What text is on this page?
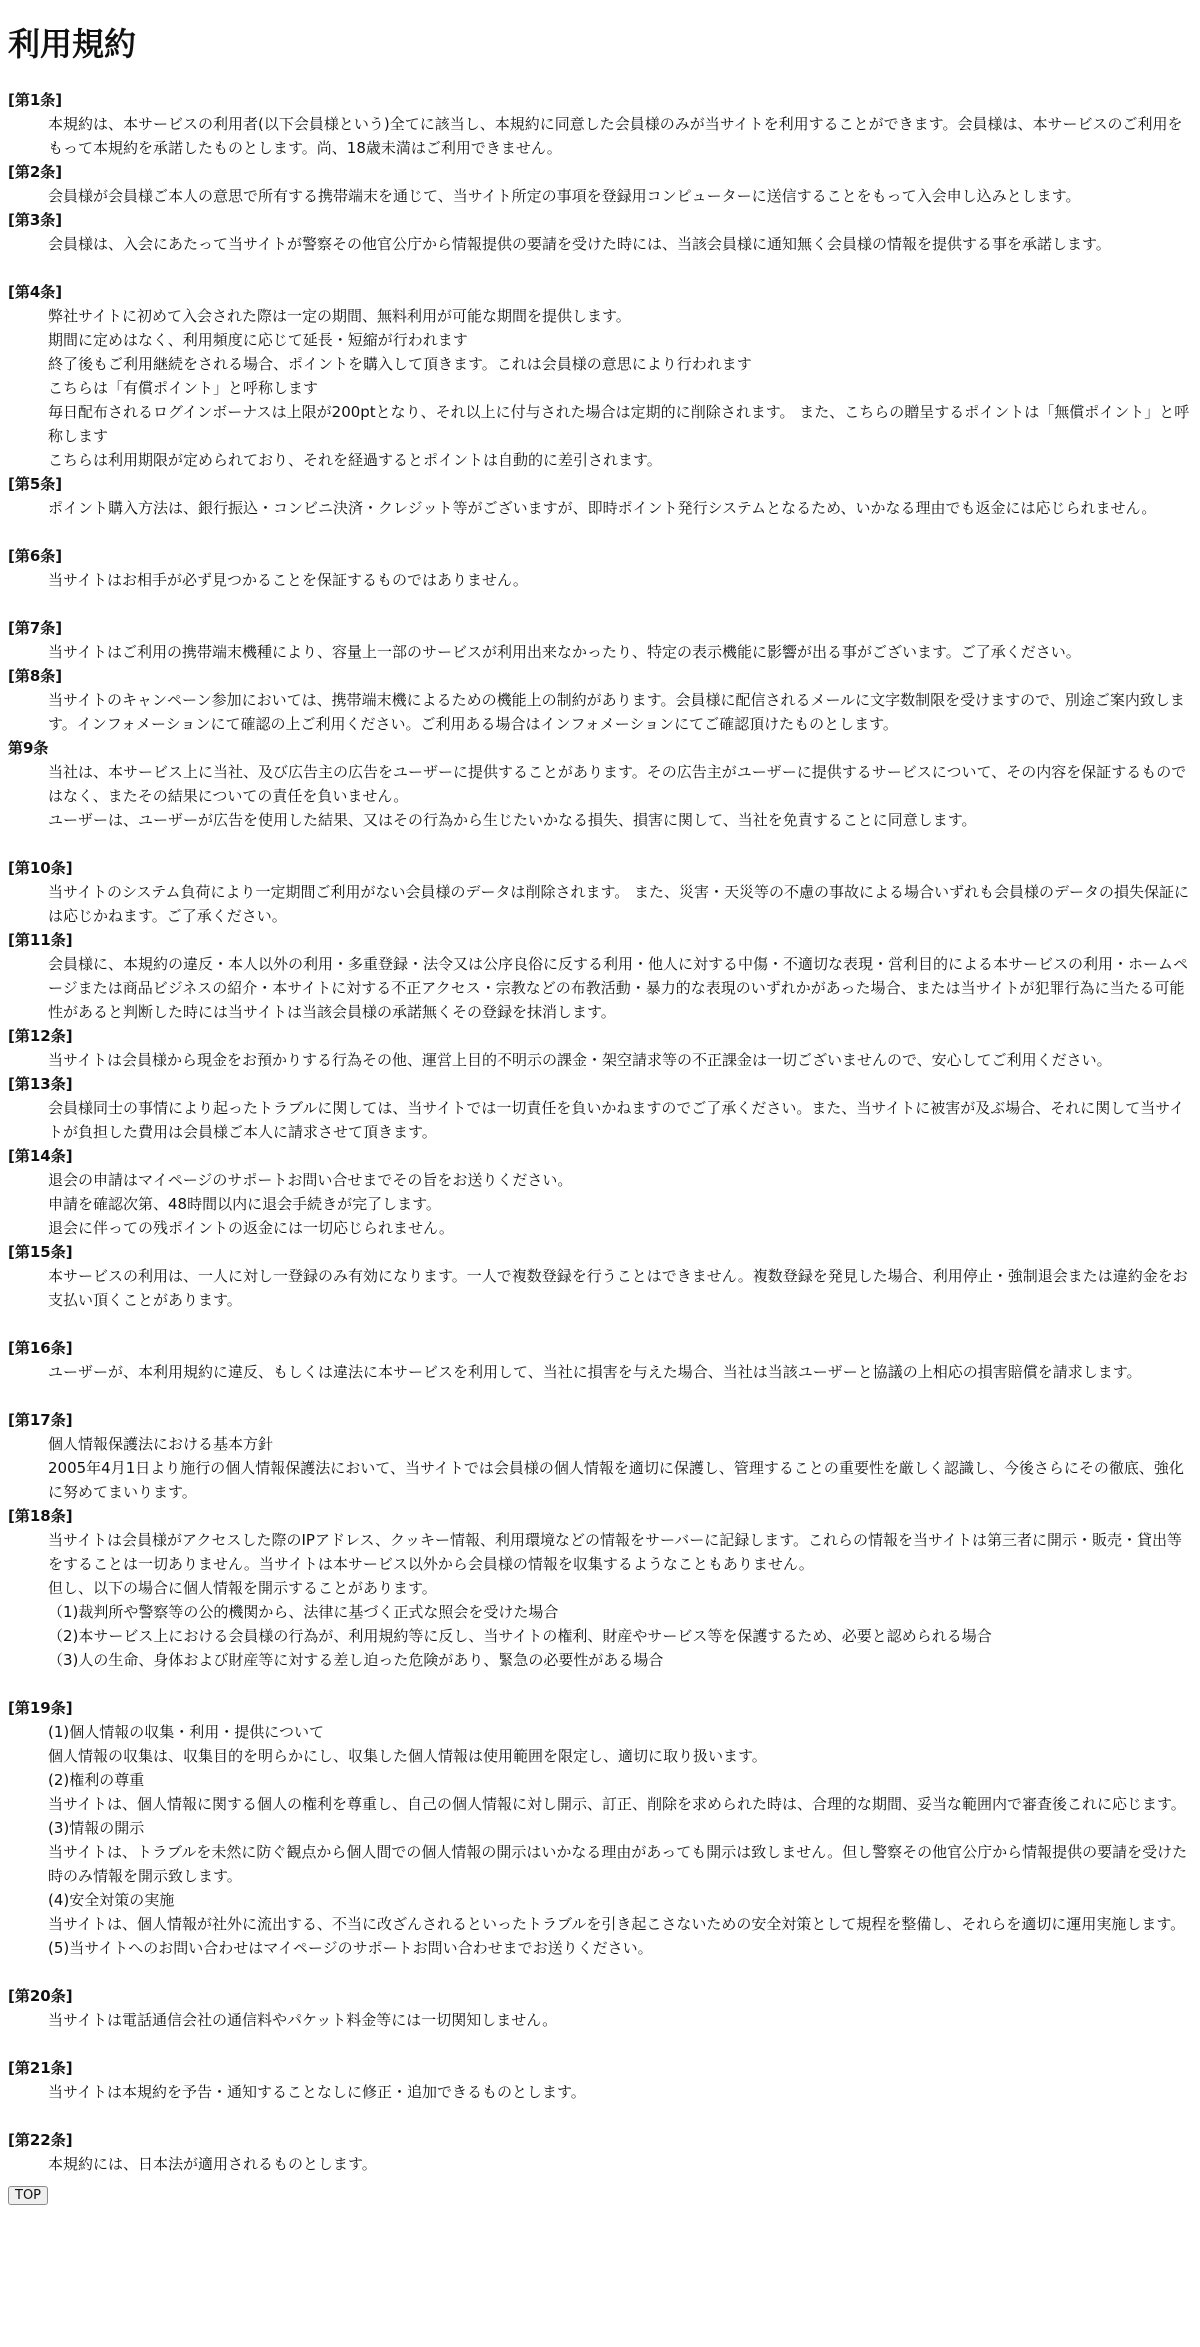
利用規約
[第1条]
本規約は、本サービスの利用者(以下会員様という)全てに該当し、本規約に同意した会員様のみが当サイトを利用することができます。会員様は、本サービスのご利用をもって本規約を承諾したものとします。尚、18歳未満はご利用できません。
[第2条]
会員様が会員様ご本人の意思で所有する携帯端末を通じて、当サイト所定の事項を登録用コンピューターに送信することをもって入会申し込みとします。
[第3条]
会員様は、入会にあたって当サイトが警察その他官公庁から情報提供の要請を受けた時には、当該会員様に通知無く会員様の情報を提供する事を承諾します。
[第4条]
弊社サイトに初めて入会された際は一定の期間、無料利用が可能な期間を提供します。
期間に定めはなく、利用頻度に応じて延長・短縮が行われます
終了後もご利用継続をされる場合、ポイントを購入して頂きます。これは会員様の意思により行われます
こちらは「有償ポイント」と呼称します
毎日配布されるログインボーナスは上限が200ptとなり、それ以上に付与された場合は定期的に削除されます。 また、こちらの贈呈するポイントは「無償ポイント」と呼称します
こちらは利用期限が定められており、それを経過するとポイントは自動的に差引されます。
[第5条]
ポイント購入方法は、銀行振込・コンビニ決済・クレジット等がございますが、即時ポイント発行システムとなるため、いかなる理由でも返金には応じられません。
[第6条]
当サイトはお相手が必ず見つかることを保証するものではありません。
[第7条]
当サイトはご利用の携帯端末機種により、容量上一部のサービスが利用出来なかったり、特定の表示機能に影響が出る事がございます。ご了承ください。
[第8条]
当サイトのキャンペーン参加においては、携帯端末機によるための機能上の制約があります。会員様に配信されるメールに文字数制限を受けますので、別途ご案内致します。インフォメーションにて確認の上ご利用ください。ご利用ある場合はインフォメーションにてご確認頂けたものとします。
第9条
当社は、本サービス上に当社、及び広告主の広告をユーザーに提供することがあります。その広告主がユーザーに提供するサービスについて、その内容を保証するものではなく、またその結果についての責任を負いません。
ユーザーは、ユーザーが広告を使用した結果、又はその行為から生じたいかなる損失、損害に関して、当社を免責することに同意します。
[第10条]
当サイトのシステム負荷により一定期間ご利用がない会員様のデータは削除されます。 また、災害・天災等の不慮の事故による場合いずれも会員様のデータの損失保証には応じかねます。ご了承ください。
[第11条]
会員様に、本規約の違反・本人以外の利用・多重登録・法令又は公序良俗に反する利用・他人に対する中傷・不適切な表現・営利目的による本サービスの利用・ホームページまたは商品ビジネスの紹介・本サイトに対する不正アクセス・宗教などの布教活動・暴力的な表現のいずれかがあった場合、または当サイトが犯罪行為に当たる可能性があると判断した時には当サイトは当該会員様の承諾無くその登録を抹消します。
[第12条]
当サイトは会員様から現金をお預かりする行為その他、運営上目的不明示の課金・架空請求等の不正課金は一切ございませんので、安心してご利用ください。
[第13条]
会員様同士の事情により起ったトラブルに関しては、当サイトでは一切責任を負いかねますのでご了承ください。また、当サイトに被害が及ぶ場合、それに関して当サイトが負担した費用は会員様ご本人に請求させて頂きます。
[第14条]
退会の申請はマイページのサポートお問い合せまでその旨をお送りください。
申請を確認次第、48時間以内に退会手続きが完了します。
退会に伴っての残ポイントの返金には一切応じられません。
[第15条]
本サービスの利用は、一人に対し一登録のみ有効になります。一人で複数登録を行うことはできません。複数登録を発見した場合、利用停止・強制退会または違約金をお支払い頂くことがあります。
[第16条]
ユーザーが、本利用規約に違反、もしくは違法に本サービスを利用して、当社に損害を与えた場合、当社は当該ユーザーと協議の上相応の損害賠償を請求します。
[第17条]
個人情報保護法における基本方針
2005年4月1日より施行の個人情報保護法において、当サイトでは会員様の個人情報を適切に保護し、管理することの重要性を厳しく認識し、今後さらにその徹底、強化に努めてまいります。
[第18条]
当サイトは会員様がアクセスした際のIPアドレス、クッキー情報、利用環境などの情報をサーバーに記録します。これらの情報を当サイトは第三者に開示・販売・貸出等をすることは一切ありません。当サイトは本サービス以外から会員様の情報を収集するようなこともありません。
但し、以下の場合に個人情報を開示することがあります。
（1)裁判所や警察等の公的機関から、法律に基づく正式な照会を受けた場合
（2)本サービス上における会員様の行為が、利用規約等に反し、当サイトの権利、財産やサービス等を保護するため、必要と認められる場合
（3)人の生命、身体および財産等に対する差し迫った危険があり、緊急の必要性がある場合
[第19条]
(1)個人情報の収集・利用・提供について
個人情報の収集は、収集目的を明らかにし、収集した個人情報は使用範囲を限定し、適切に取り扱います。
(2)権利の尊重
当サイトは、個人情報に関する個人の権利を尊重し、自己の個人情報に対し開示、訂正、削除を求められた時は、合理的な期間、妥当な範囲内で審査後これに応じます。
(3)情報の開示
当サイトは、トラブルを未然に防ぐ観点から個人間での個人情報の開示はいかなる理由があっても開示は致しません。但し警察その他官公庁から情報提供の要請を受けた時のみ情報を開示致します。
(4)安全対策の実施
当サイトは、個人情報が社外に流出する、不当に改ざんされるといったトラブルを引き起こさないための安全対策として規程を整備し、それらを適切に運用実施します。
(5)当サイトへのお問い合わせはマイページのサポートお問い合わせまでお送りください。
[第20条]
当サイトは電話通信会社の通信料やパケット料金等には一切関知しません。
[第21条]
当サイトは本規約を予告・通知することなしに修正・追加できるものとします。
[第22条]
本規約には、日本法が適用されるものとします。
TOP
